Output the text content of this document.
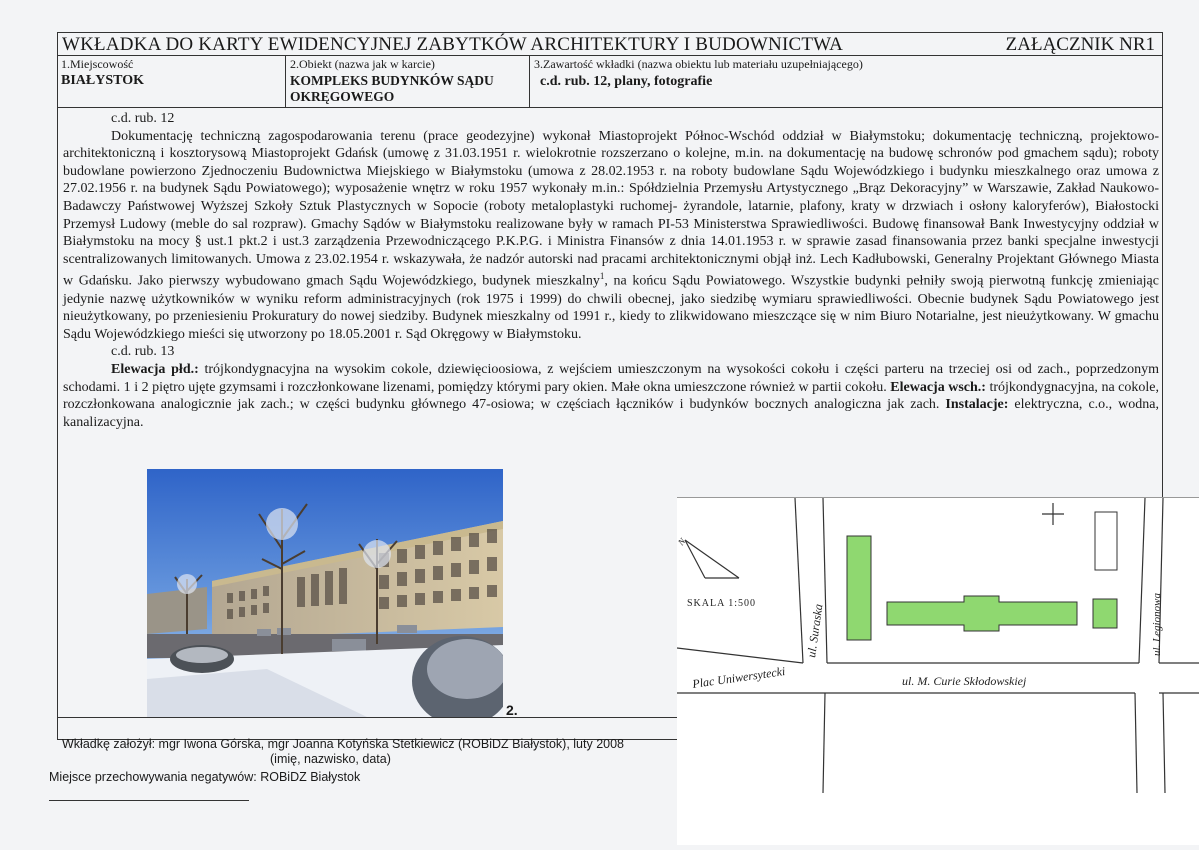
WKŁADKA DO KARTY EWIDENCYJNEJ ZABYTKÓW ARCHITEKTURY I BUDOWNICTWA	ZAŁĄCZNIK NR1
1.Miejscowość
BIAŁYSTOK
2.Obiekt (nazwa jak w karcie)
KOMPLEKS BUDYNKÓW SĄDU OKRĘGOWEGO
3.Zawartość wkładki (nazwa obiektu lub materiału uzupełniającego)
c.d. rub. 12, plany, fotografie

c.d. rub. 12

Dokumentację techniczną zagospodarowania terenu (prace geodezyjne) wykonał Miastoprojekt Północ-Wschód oddział w Białymstoku; dokumentację techniczną, projektowo-architektoniczną i kosztorysową Miastoprojekt Gdańsk (umowę z 31.03.1951 r. wielokrotnie rozszerzano o kolejne, m.in. na dokumentację na budowę schronów pod gmachem sądu); roboty budowlane powierzono Zjednoczeniu Budownictwa Miejskiego w Białymstoku (umowa z 28.02.1953 r. na roboty budowlane Sądu Wojewódzkiego i budynku mieszkalnego oraz umowa z 27.02.1956 r. na budynek Sądu Powiatowego); wyposażenie wnętrz w roku 1957 wykonały m.in.: Spółdzielnia Przemysłu Artystycznego „Brąz Dekoracyjny” w Warszawie, Zakład Naukowo-Badawczy Państwowej Wyższej Szkoły Sztuk Plastycznych w Sopocie (roboty metaloplastyki ruchomej- żyrandole, latarnie, plafony, kraty w drzwiach i osłony kaloryferów), Białostocki Przemysł Ludowy (meble do sal rozpraw). Gmachy Sądów w Białymstoku realizowane były w ramach PI-53 Ministerstwa Sprawiedliwości. Budowę finansował Bank Inwestycyjny oddział w Białymstoku na mocy § ust.1 pkt.2 i ust.3 zarządzenia Przewodniczącego P.K.P.G. i Ministra Finansów z dnia 14.01.1953 r. w sprawie zasad finansowania przez banki specjalne inwestycji scentralizowanych limitowanych. Umowa z 23.02.1954 r. wskazywała, że nadzór autorski nad pracami architektonicznymi objął inż. Lech Kadłubowski, Generalny Projektant Głównego Miasta w Gdańsku. Jako pierwszy wybudowano gmach Sądu Wojewódzkiego, budynek mieszkalny$^1$, na końcu Sądu Powiatowego. Wszystkie budynki pełniły swoją pierwotną funkcję zmieniając jedynie nazwę użytkowników w wyniku reform administracyjnych (rok 1975 i 1999) do chwili obecnej, jako siedzibę wymiaru sprawiedliwości. Obecnie budynek Sądu Powiatowego jest nieużytkowany, po przeniesieniu Prokuratury do nowej siedziby. Budynek mieszkalny od 1991 r., kiedy to zlikwidowano mieszczące się w nim Biuro Notarialne, jest nieużytkowany. W gmachu Sądu Wojewódzkiego mieści się utworzony po 18.05.2001 r. Sąd Okręgowy w Białymstoku.

c.d. rub. 13

Elewacja płd.: trójkondygnacyjna na wysokim cokole, dziewięcioosiowa, z wejściem umieszczonym na wysokości cokołu i części parteru na trzeciej osi od zach., poprzedzonym schodami. 1 i 2 piętro ujęte gzymsami i rozczłonkowane lizenami, pomiędzy którymi pary okien. Małe okna umieszczone również w partii cokołu. Elewacja wsch.: trójkondygnacyjna, na cokole, rozczłonkowana analogicznie jak zach.; w części budynku głównego 47-osiowa; w częściach łączników i budynków bocznych analogiczna jak zach. Instalacje: elektryczna, c.o., wodna, kanalizacyjna.

2.
Wkładkę założył: mgr Iwona Górska, mgr Joanna Kotyńska Stetkiewicz (ROBiDZ Białystok), luty 2008
(imię, nazwisko, data)
Miejsce przechowywania negatywów: ROBiDZ Białystok
N
SKALA 1:500	ul. Suraska	ul. Legionowa
Plac Uniwersytecki	ul. M. Curie Skłodowskiej
